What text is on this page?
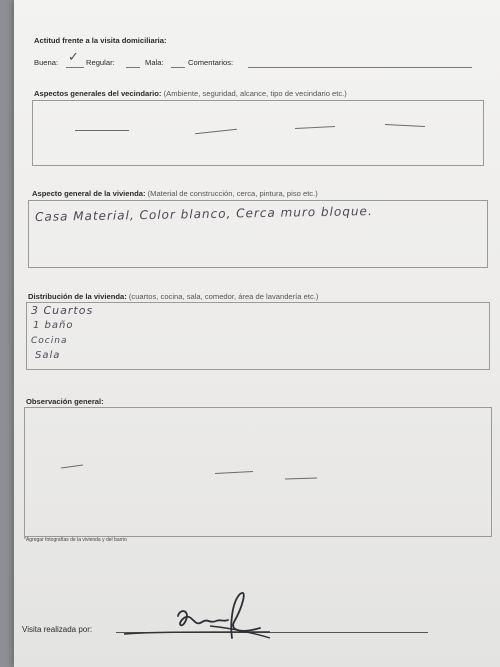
Actitud frente a la visita domiciliaria:
Buena: ✓ Regular:	Mala:	Comentarios:
Aspectos generales del vecindario: (Ambiente, seguridad, alcance, tipo de vecindario etc.)
Aspecto general de la vivienda: (Material de construcción, cerca, pintura, piso etc.)
Casa Material, Color blanco, Cerca muro bloque.
Distribución de la vivienda: (cuartos, cocina, sala, comedor, área de lavandería etc.)
3 Cuartos
1 baño
Cocina
Sala
Observación general:
*Agregar fotografías de la vivienda y del barrio
Visita realizada por:
